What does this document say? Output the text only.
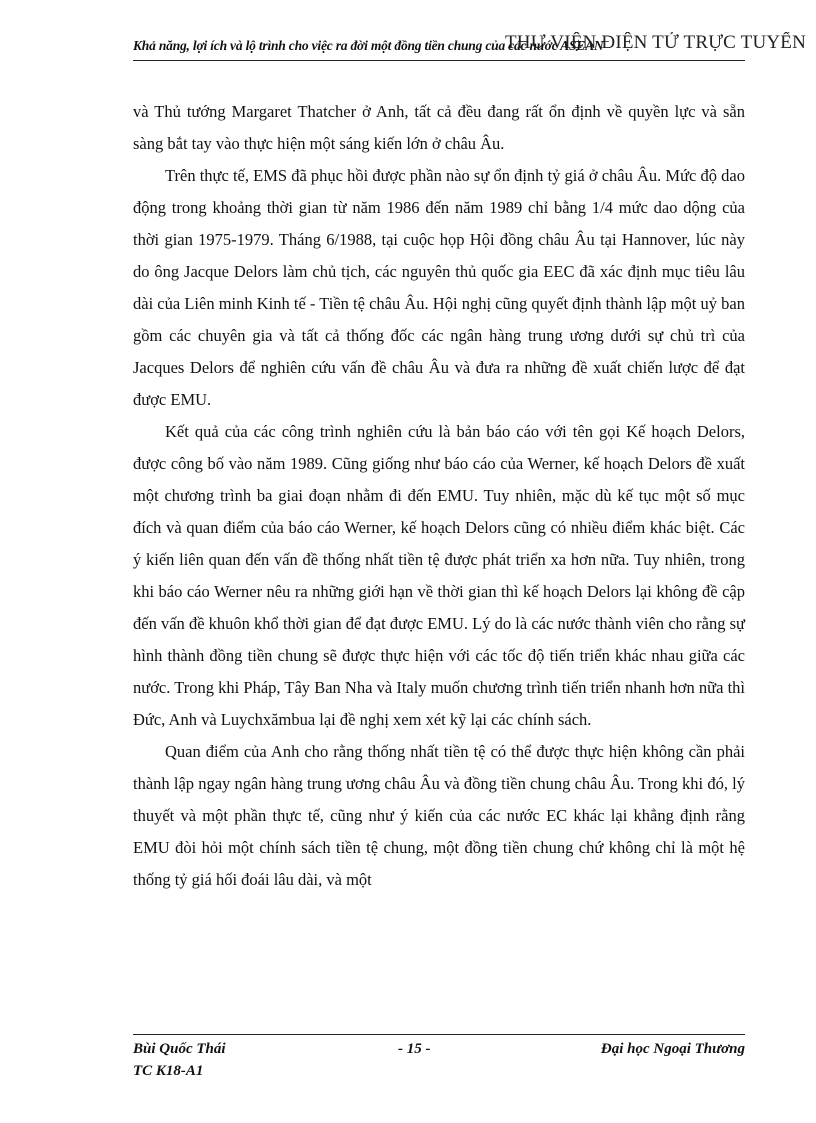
Khả năng, lợi ích và lộ trình cho việc ra đời một đồng tiền chung của các nước ASEAN
THƯ VIỆN ĐIỆN TỬ TRỰC TUYẾN

và Thủ tướng Margaret Thatcher ở Anh, tất cả đều đang rất ổn định về quyền lực và sẵn sàng bắt tay vào thực hiện một sáng kiến lớn ở châu Âu.

Trên thực tế, EMS đã phục hồi được phần nào sự ổn định tỷ giá ở châu Âu. Mức độ dao động trong khoảng thời gian từ năm 1986 đến năm 1989 chỉ bằng 1/4 mức dao dộng của thời gian 1975-1979. Tháng 6/1988, tại cuộc họp Hội đồng châu Âu tại Hannover, lúc này do ông Jacque Delors làm chủ tịch, các nguyên thủ quốc gia EEC đã xác định mục tiêu lâu dài của Liên minh Kinh tế - Tiền tệ châu Âu. Hội nghị cũng quyết định thành lập một uỷ ban gồm các chuyên gia và tất cả thống đốc các ngân hàng trung ương dưới sự chủ trì của Jacques Delors để nghiên cứu vấn đề châu Âu và đưa ra những đề xuất chiến lược để đạt được EMU.

Kết quả của các công trình nghiên cứu là bản báo cáo với tên gọi Kế hoạch Delors, được công bố vào năm 1989. Cũng giống như báo cáo của Werner, kế hoạch Delors đề xuất một chương trình ba giai đoạn nhằm đi đến EMU. Tuy nhiên, mặc dù kế tục một số mục đích và quan điểm của báo cáo Werner, kế hoạch Delors cũng có nhiều điểm khác biệt. Các ý kiến liên quan đến vấn đề thống nhất tiền tệ được phát triển xa hơn nữa. Tuy nhiên, trong khi báo cáo Werner nêu ra những giới hạn về thời gian thì kế hoạch Delors lại không đề cập đến vấn đề khuôn khổ thời gian để đạt được EMU. Lý do là các nước thành viên cho rằng sự hình thành đồng tiền chung sẽ được thực hiện với các tốc độ tiến triển khác nhau giữa các nước. Trong khi Pháp, Tây Ban Nha và Italy muốn chương trình tiến triển nhanh hơn nữa thì Đức, Anh và Luychxămbua lại đề nghị xem xét kỹ lại các chính sách.

Quan điểm của Anh cho rằng thống nhất tiền tệ có thể được thực hiện không cần phải thành lập ngay ngân hàng trung ương châu Âu và đồng tiền chung châu Âu. Trong khi đó, lý thuyết và một phần thực tế, cũng như ý kiến của các nước EC khác lại khẳng định rằng EMU đòi hỏi một chính sách tiền tệ chung, một đồng tiền chung chứ không chỉ là một hệ thống tỷ giá hối đoái lâu dài, và một

Bùi Quốc Thái
TC K18-A1
- 15 -	Đại học Ngoại Thương
